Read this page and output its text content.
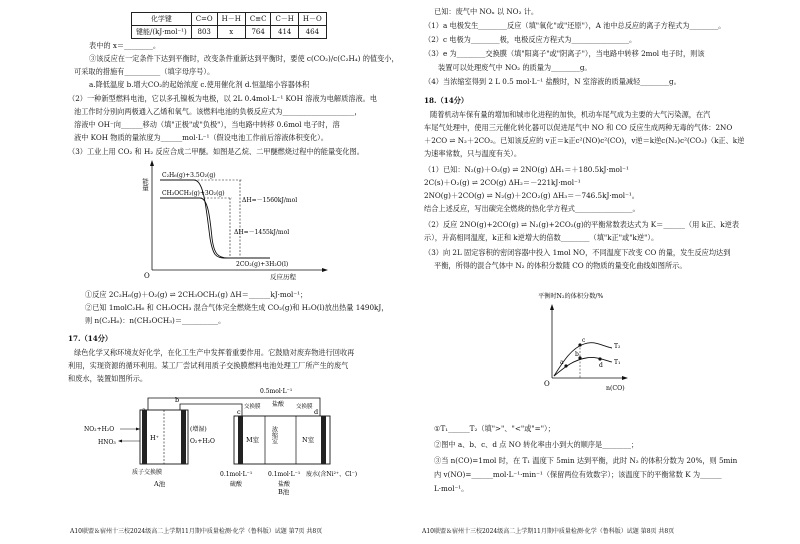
化学键	C=O	H－H	C≡C	C－H	H－O
键能/(kJ·mol⁻¹)	803	x	764	414	464
表中的 x＝________。
③该反应在一定条件下达到平衡时，改变条件重新达到平衡时，要使 c(CO₂)/c(C₂H₄) 的值变小，
可采取的措施有__________（填字母序号）。
a.降低温度 b.增大CO₂的起始浓度 c.使用催化剂 d.恒温缩小容器体积
（2）一种新型燃料电池，它以多孔镍板为电极，以 2L 0.4mol·L⁻¹ KOH 溶液为电解质溶液。电
池工作时分别向两极通入乙烯和氧气。该燃料电池的负极反应式为____________________，
溶液中 OH⁻向______移动（填"正极"或"负极"），当电路中转移 0.6mol 电子时，溶
液中 KOH 物质的量浓度为______mol·L⁻¹（假设电池工作前后溶液体积变化）。
（3）工业上用 CO₂ 和 H₂ 反应合成二甲醚。如图是乙烷、二甲醚燃烧过程中的能量变化图。
能量
O	反应历程
C₂H₆(g)+3.5O₂(g)
CH₃OCH₃(g)+3O₂(g)
ΔH=－1560kJ/mol
ΔH=－1455kJ/mol
2CO₂(g)+3H₂O(l)
①反应 2C₂H₆(g)＋O₂(g) ⇌ 2CH₃OCH₃(g) ΔH＝______kJ·mol⁻¹；
②已知 1molC₂H₆ 和 CH₃OCH₃ 混合气体完全燃烧生成 CO₂(g)和 H₂O(l)放出热量 1490kJ，
则 n(C₂H₆)：n(CH₃OCH₃)＝__________。
17.（14分）
绿色化学又称环境友好化学，在化工生产中发挥着重要作用。它鼓励对废弃物进行回收再
利用，实现资源的循环利用。某工厂尝试利用质子交换膜燃料电池处理工厂所产生的废气
和废水，装置如图所示。
b
c	d
H⁺
NO₂+H₂O
HNO₃
(增湿)
O₂+H₂O
质子交换膜
A池
0.5mol·L⁻¹
盐酸
交换膜	交换膜
M室 浓缩室	N室
0.1mol·L⁻¹	0.1mol·L⁻¹ 废水(含Ni²⁺、Cl⁻)
硫酸	盐酸
B池
A10联盟＆宿州十三校2024级高二上学期11月期中质量检测·化学（鲁科版）试题 第7页 共8页
已知：废气中 NOₓ 以 NO₂ 计。
（1）a 电极发生________反应（填"氧化"或"还原"），A 池中总反应的离子方程式为________。
（2）c 电极为________极，电极反应方程式为________________。
（3）e 为________交换膜（填"阳离子"或"阴离子"），当电路中转移 2mol 电子时，则该
装置可以处理废气中 NO₂ 的质量为________g。
（4）当浓缩室得到 2 L 0.5 mol·L⁻¹ 盐酸时，N 室溶液的质量减轻________g。
18.（14分）
随着机动车保有量的增加和城市化进程的加快，机动车尾气成为主要的大气污染源，在汽
车尾气处理中，使用三元催化转化器可以促进尾气中 NO 和 CO 反应生成两种无毒的气体：2NO
＋2CO ⇌ N₂＋2CO₂。已知该反应的 v正＝k正c²(NO)c²(CO)，v逆＝k逆c(N₂)c²(CO₂)（k正、k逆
为速率常数，只与温度有关）。
（1）已知：N₂(g)＋O₂(g) ⇌ 2NO(g) ΔH₁＝＋180.5kJ·mol⁻¹
2C(s)＋O₂(g) ⇌ 2CO(g) ΔH₂＝－221kJ·mol⁻¹
2NO(g)＋2CO(g) ⇌ N₂(g)＋2CO₂(g) ΔH₃＝－746.5kJ·mol⁻¹。
结合上述反应，写出碳完全燃烧的热化学方程式________________。
（2）反应 2NO(g)+2CO(g) ⇌ N₂(g)+2CO₂(g)的平衡常数表达式为 K＝______（用 k正、k逆表
示），升高相同温度，k正和 k逆增大的倍数________（填"k正"或"k逆"）。
（3）向 2L 固定容积的密闭容器中投入 1mol NO，不同温度下改变 CO 的量，发生反应均达到
平衡，所得的混合气体中 N₂ 的体积分数随 CO 的物质的量变化曲线如图所示。
平衡时N₂的体积分数/%
O
n(CO)
a
b
c
d
T₂
T₁
①T₁______T₂（填">"、"<"或"="）；
②图中 a、b、c、d 点 NO 转化率由小到大的顺序是________；
③当 n(CO)=1mol 时，在 T₁ 温度下 5min 达到平衡，此时 N₂ 的体积分数为 20%，则 5min
内 v(NO)=______mol·L⁻¹·min⁻¹（保留两位有效数字）；该温度下的平衡常数 K 为______
L·mol⁻¹。
A10联盟＆宿州十三校2024级高二上学期11月期中质量检测·化学（鲁科版）试题 第8页 共8页
